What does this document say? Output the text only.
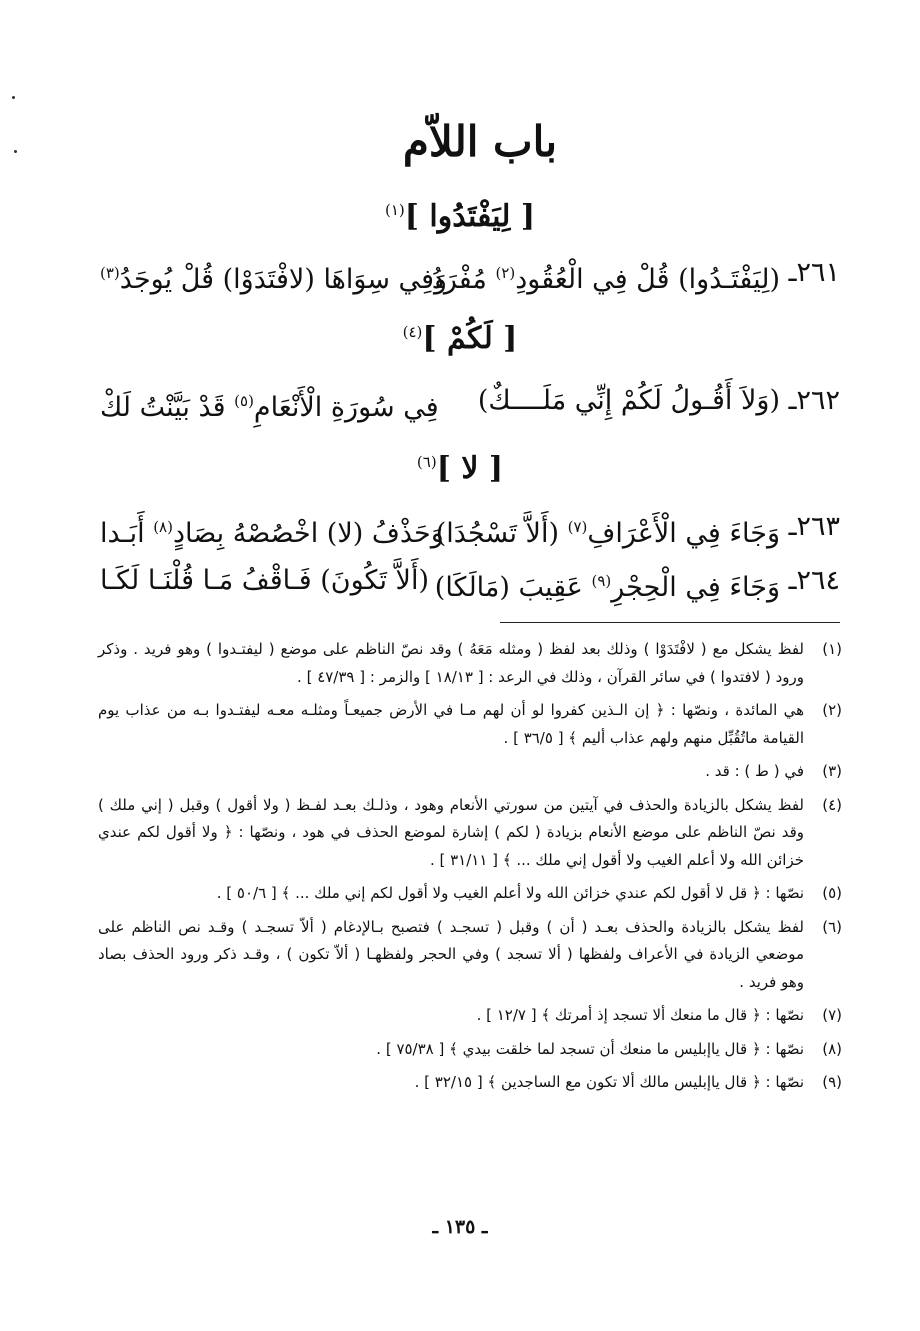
باب اللاّم
[ لِيَفْتَدُوا ]$^{(١)}$
٢٦١ـ
(لِيَفْتَـدُوا) قُلْ فِي الْعُقُودِ$^{(٢)}$ مُفْرَدُ
وَفِي سِوَاهَا (لافْتَدَوْا) قُلْ يُوجَدُ$^{(٣)}$
[ لَكُمْ ]$^{(٤)}$
٢٦٢ـ
(وَلاَ أَقُـولُ لَكُمْ إِنِّي مَلَــــكٌ)
فِي سُورَةِ الْأَنْعَامِ$^{(٥)}$ قَدْ بَيَّنْتُ لَكْ
[ لا ]$^{(٦)}$
٢٦٣ـ
وَجَاءَ فِي الْأَعْرَافِ$^{(٧)}$ (أَلاَّ تَسْجُدَا)
وَحَذْفُ (لا) اخْصُصْهُ بِصَادٍ$^{(٨)}$ أَبَـدا
٢٦٤ـ
وَجَاءَ فِي الْحِجْرِ$^{(٩)}$ عَقِيبَ (مَالَكَا)
(أَلاَّ تَكُونَ) فَـاقْفُ مَـا قُلْنَـا لَكَـا
(١)
لفظ يشكل مع ( لافْتَدَوْا ) وذلك بعد لفظ ( ومثله مَعَهُ ) وقد نصّ الناظم على موضع ( ليفتـدوا ) وهو فريد . وذكر ورود ( لافتدوا ) في سائر القرآن ، وذلك في الرعد : [ ١٨/١٣ ] والزمر : [ ٤٧/٣٩ ] .
(٢)
هي المائدة ، ونصّها : ﴿ إن الـذين كفروا لو أن لهم مـا في الأرض جميعـاً ومثلـه معـه ليفتـدوا بـه من عذاب يوم القيامة ماتُقُبِّل منهم ولهم عذاب أليم ﴾ [ ٣٦/٥ ] .
(٣)
في ( ط ) : قد .
(٤)
لفظ يشكل بالزيادة والحذف في آيتين من سورتي الأنعام وهود ، وذلـك بعـد لفـظ ( ولا أقول ) وقبل ( إني ملك ) وقد نصّ الناظم على موضع الأنعام بزيادة ( لكم ) إشارة لموضع الحذف في هود ، ونصّها : ﴿ ولا أقول لكم عندي خزائن الله ولا أعلم الغيب ولا أقول إني ملك ... ﴾ [ ٣١/١١ ] .
(٥)
نصّها : ﴿ قل لا أقول لكم عندي خزائن الله ولا أعلم الغيب ولا أقول لكم إني ملك ... ﴾ [ ٥٠/٦ ] .
(٦)
لفظ يشكل بالزيادة والحذف بعـد ( أن ) وقبل ( تسجـد ) فتصبح بـالإدغام ( ألاّ تسجـد ) وقـد نص الناظم على موضعي الزيادة في الأعراف ولفظها ( ألا تسجد ) وفي الحجر ولفظهـا ( ألاّ تكون ) ، وقـد ذكر ورود الحذف بصاد وهو فريد .
(٧)
نصّها : ﴿ قال ما منعك ألا تسجد إذ أمرتك ﴾ [ ١٢/٧ ] .
(٨)
نصّها : ﴿ قال ياإبليس ما منعك أن تسجد لما خلقت بيدي ﴾ [ ٧٥/٣٨ ] .
(٩)
نصّها : ﴿ قال ياإبليس مالك ألا تكون مع الساجدين ﴾ [ ٣٢/١٥ ] .
ـ ١٣٥ ـ
